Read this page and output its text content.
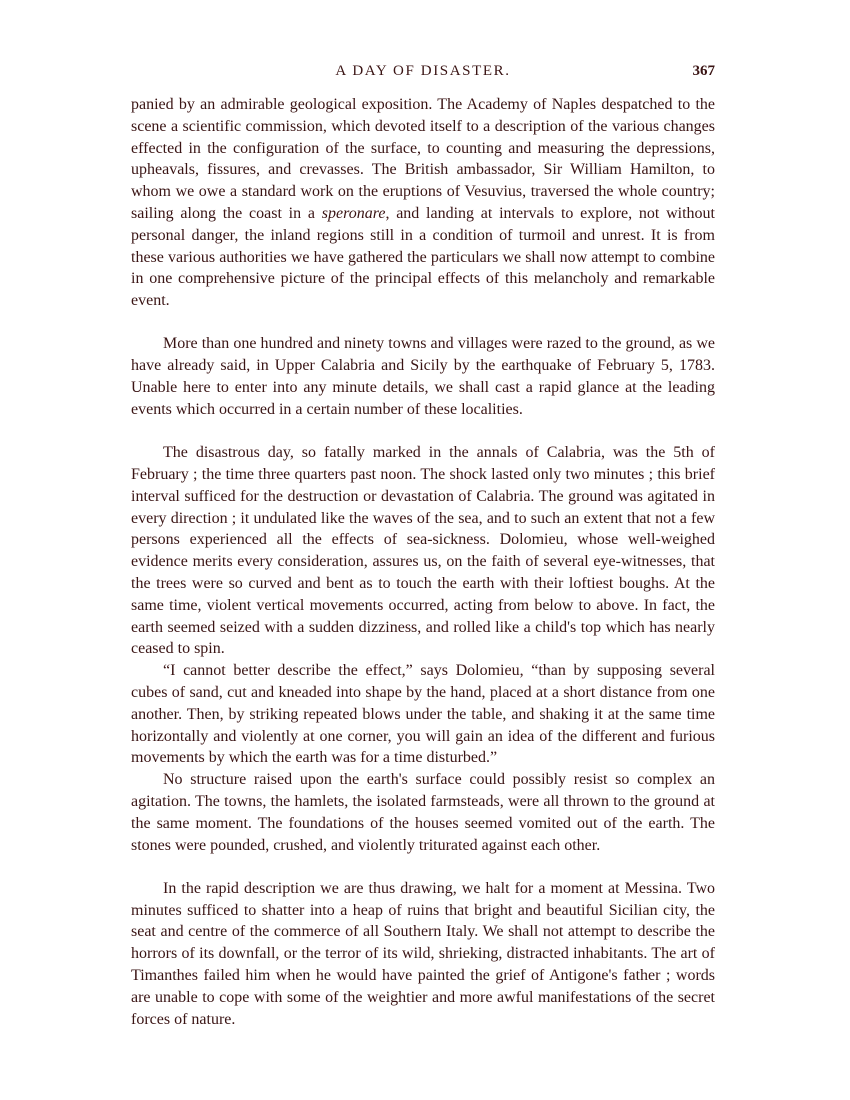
A DAY OF DISASTER.	367

panied by an admirable geological exposition. The Academy of Naples despatched to the scene a scientific commission, which devoted itself to a description of the various changes effected in the configuration of the surface, to counting and measuring the depressions, upheavals, fissures, and crevasses. The British ambassador, Sir William Hamilton, to whom we owe a standard work on the eruptions of Vesuvius, traversed the whole country; sailing along the coast in a speronare, and landing at intervals to explore, not without personal danger, the inland regions still in a condition of turmoil and unrest. It is from these various authorities we have gathered the particulars we shall now attempt to combine in one comprehensive picture of the principal effects of this melancholy and remarkable event.

More than one hundred and ninety towns and villages were razed to the ground, as we have already said, in Upper Calabria and Sicily by the earthquake of February 5, 1783. Unable here to enter into any minute details, we shall cast a rapid glance at the leading events which occurred in a certain number of these localities.

The disastrous day, so fatally marked in the annals of Calabria, was the 5th of February ; the time three quarters past noon. The shock lasted only two minutes ; this brief interval sufficed for the destruction or devastation of Calabria. The ground was agitated in every direction ; it undulated like the waves of the sea, and to such an extent that not a few persons experienced all the effects of sea-sickness. Dolomieu, whose well-weighed evidence merits every consideration, assures us, on the faith of several eye-witnesses, that the trees were so curved and bent as to touch the earth with their loftiest boughs. At the same time, violent vertical movements occurred, acting from below to above. In fact, the earth seemed seized with a sudden dizziness, and rolled like a child's top which has nearly ceased to spin.

“I cannot better describe the effect,” says Dolomieu, “than by supposing several cubes of sand, cut and kneaded into shape by the hand, placed at a short distance from one another. Then, by striking repeated blows under the table, and shaking it at the same time horizontally and violently at one corner, you will gain an idea of the different and furious movements by which the earth was for a time disturbed.”

No structure raised upon the earth's surface could possibly resist so complex an agitation. The towns, the hamlets, the isolated farmsteads, were all thrown to the ground at the same moment. The foundations of the houses seemed vomited out of the earth. The stones were pounded, crushed, and violently triturated against each other.

In the rapid description we are thus drawing, we halt for a moment at Messina. Two minutes sufficed to shatter into a heap of ruins that bright and beautiful Sicilian city, the seat and centre of the commerce of all Southern Italy. We shall not attempt to describe the horrors of its downfall, or the terror of its wild, shrieking, distracted inhabitants. The art of Timanthes failed him when he would have painted the grief of Antigone's father ; words are unable to cope with some of the weightier and more awful manifestations of the secret forces of nature.
